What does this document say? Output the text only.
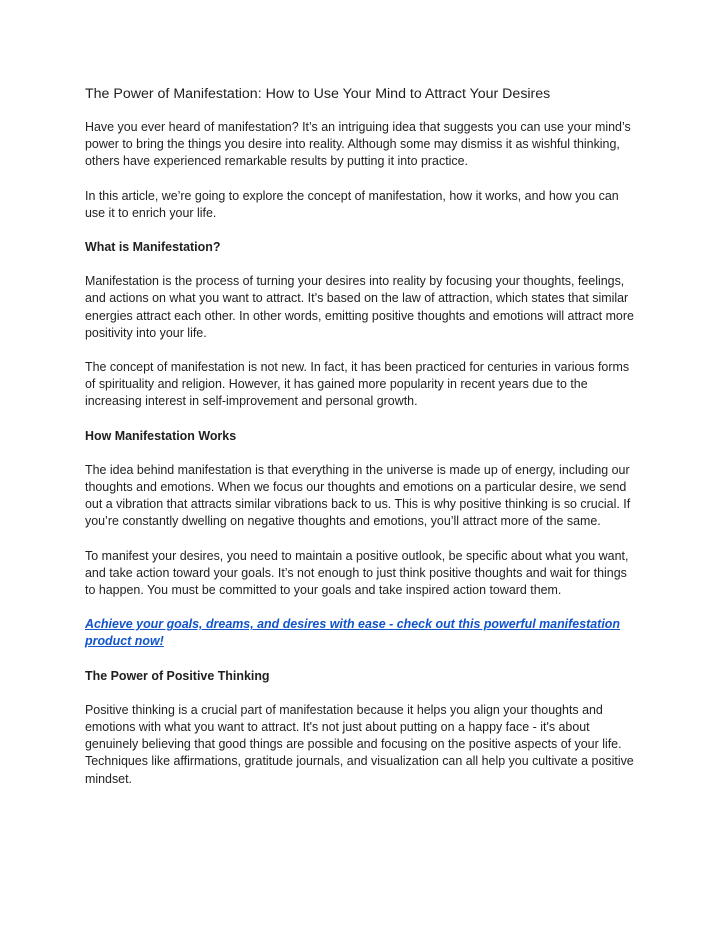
The Power of Manifestation: How to Use Your Mind to Attract Your Desires

Have you ever heard of manifestation? It’s an intriguing idea that suggests you can use your mind’s power to bring the things you desire into reality. Although some may dismiss it as wishful thinking, others have experienced remarkable results by putting it into practice.

In this article, we’re going to explore the concept of manifestation, how it works, and how you can use it to enrich your life.

What is Manifestation?

Manifestation is the process of turning your desires into reality by focusing your thoughts, feelings, and actions on what you want to attract. It’s based on the law of attraction, which states that similar energies attract each other. In other words, emitting positive thoughts and emotions will attract more positivity into your life.

The concept of manifestation is not new. In fact, it has been practiced for centuries in various forms of spirituality and religion. However, it has gained more popularity in recent years due to the increasing interest in self-improvement and personal growth.

How Manifestation Works

The idea behind manifestation is that everything in the universe is made up of energy, including our thoughts and emotions. When we focus our thoughts and emotions on a particular desire, we send out a vibration that attracts similar vibrations back to us. This is why positive thinking is so crucial. If you’re constantly dwelling on negative thoughts and emotions, you’ll attract more of the same.

To manifest your desires, you need to maintain a positive outlook, be specific about what you want, and take action toward your goals. It’s not enough to just think positive thoughts and wait for things to happen. You must be committed to your goals and take inspired action toward them.

Achieve your goals, dreams, and desires with ease - check out this powerful manifestation product now!

The Power of Positive Thinking

Positive thinking is a crucial part of manifestation because it helps you align your thoughts and emotions with what you want to attract. It's not just about putting on a happy face - it's about genuinely believing that good things are possible and focusing on the positive aspects of your life. Techniques like affirmations, gratitude journals, and visualization can all help you cultivate a positive mindset.
